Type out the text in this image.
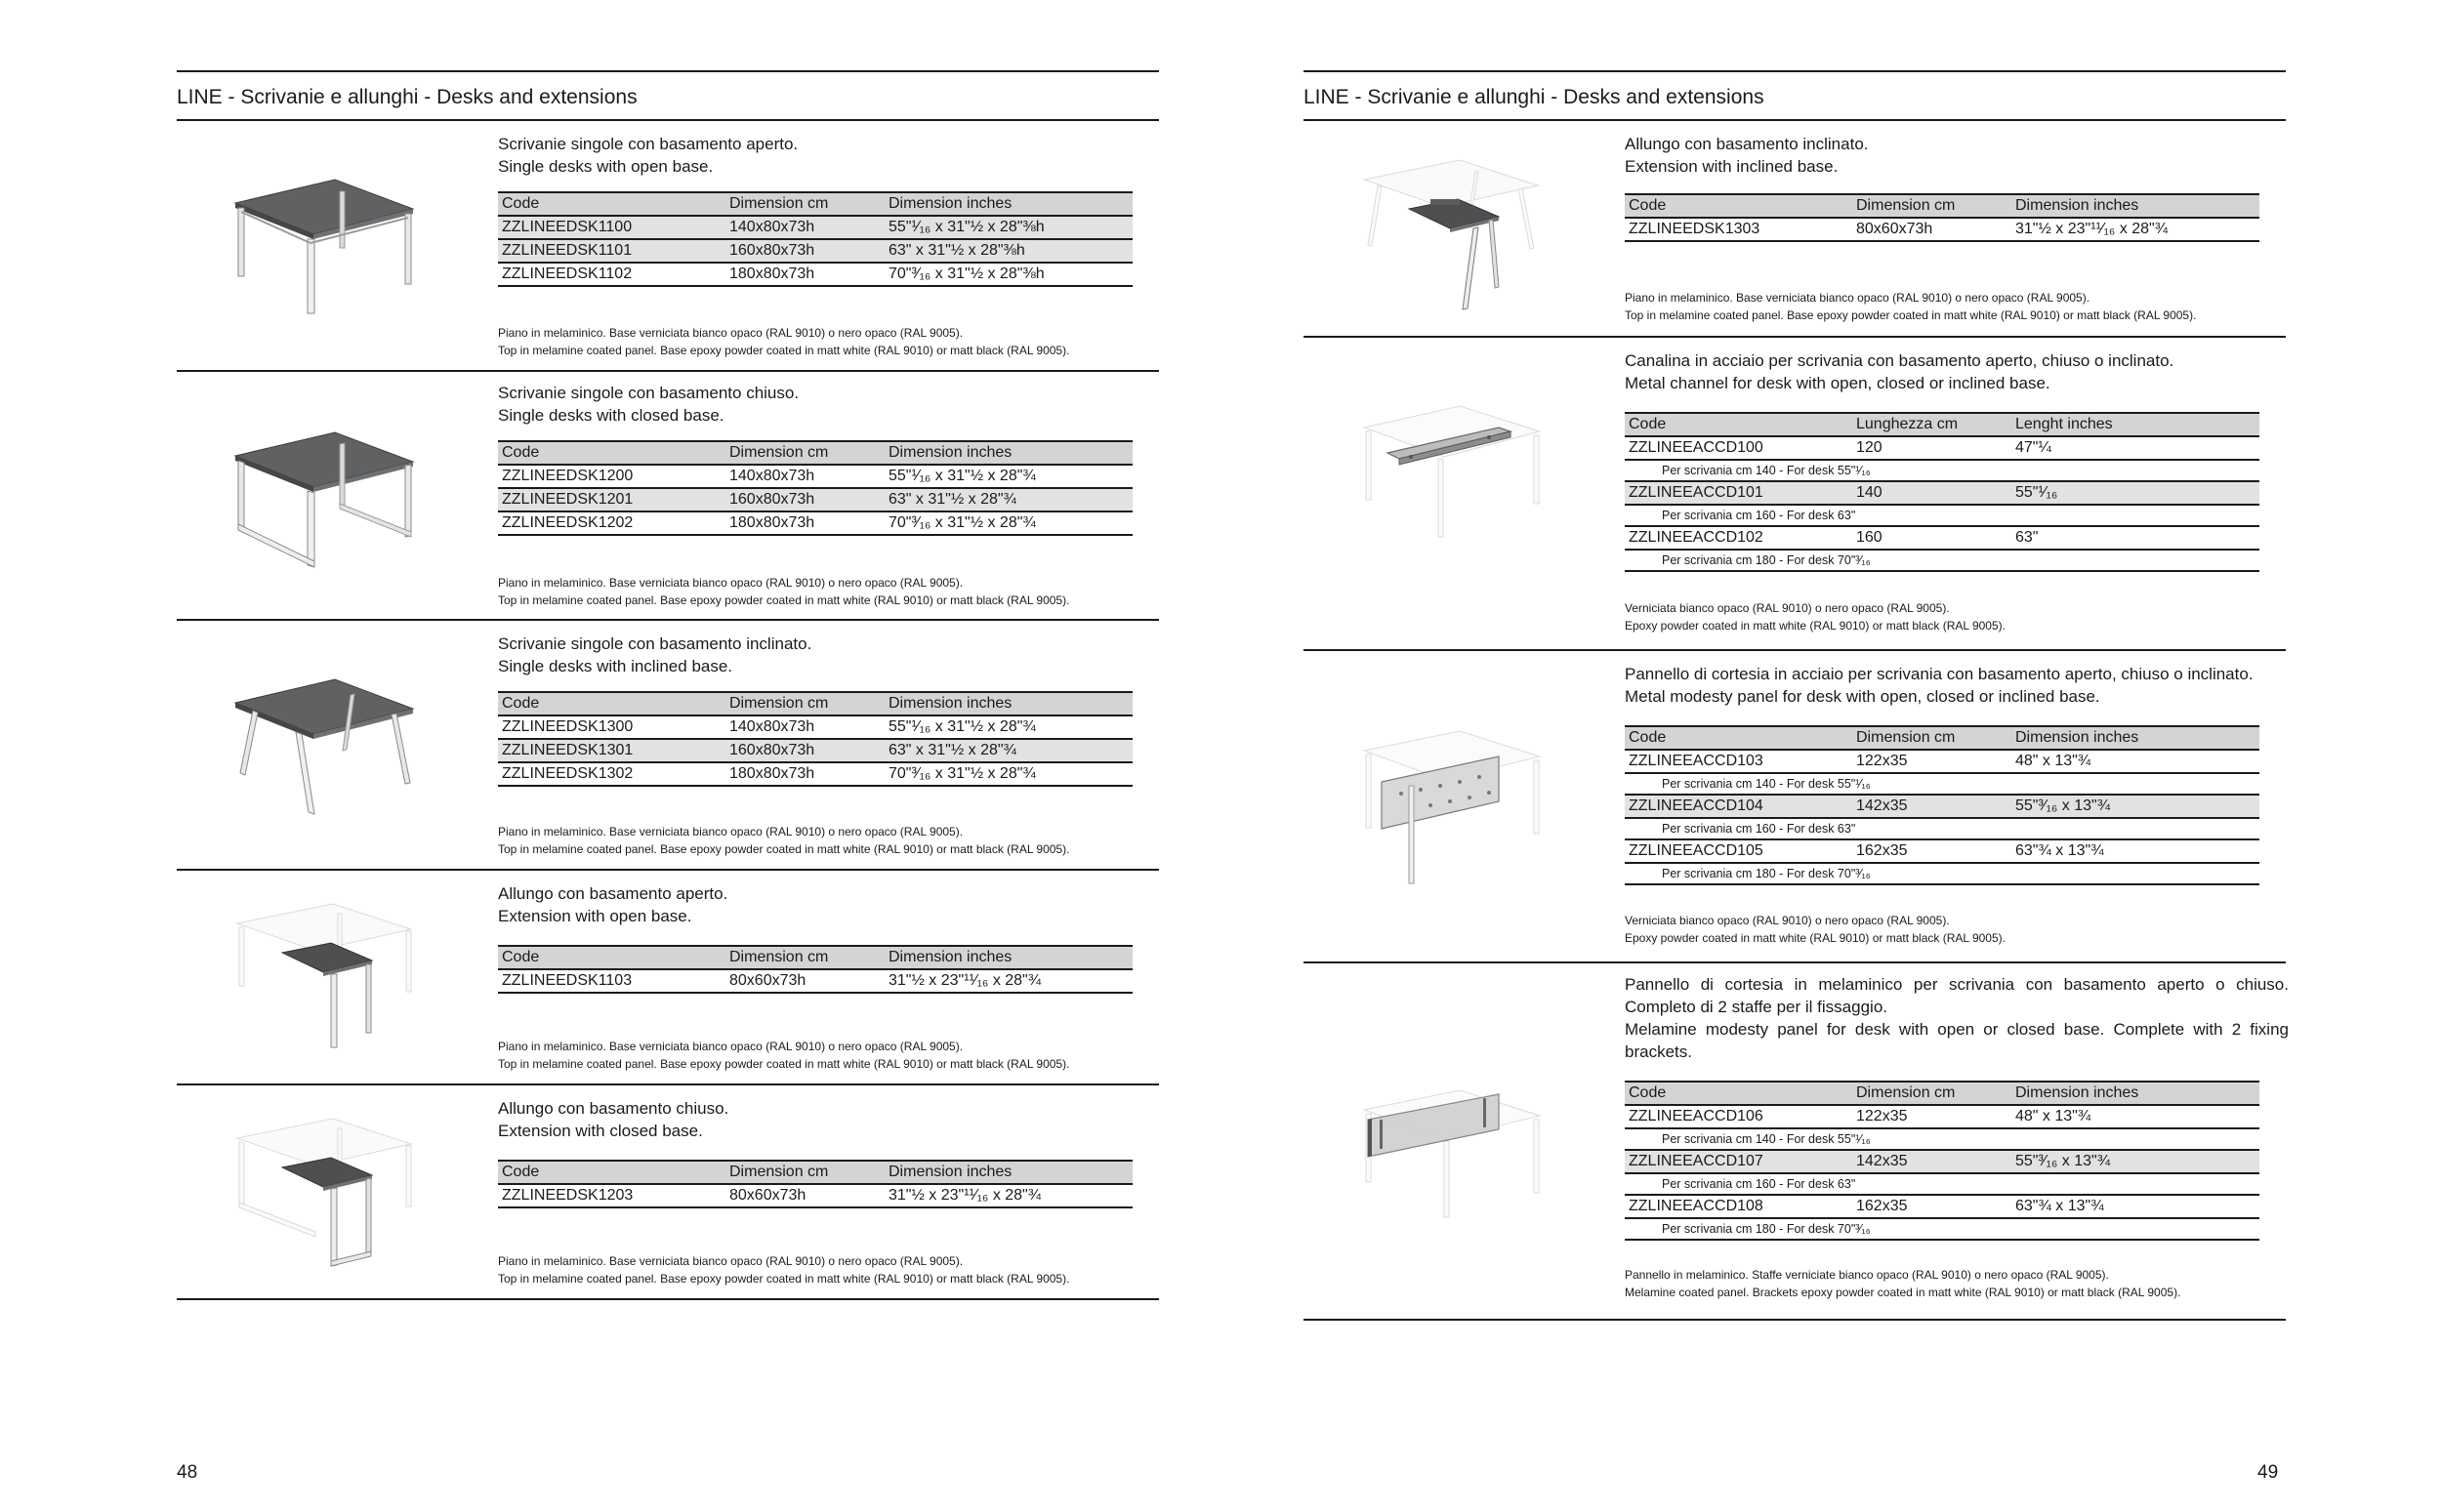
LINE - Scrivanie e allunghi - Desks and extensions

Scrivanie singole con basamento aperto.

Single desks with open base.

Code	Dimension cm	Dimension inches
ZZLINEEDSK1100	140x80x73h	55"¹⁄₁₆ x 31"½ x 28"⅜h
ZZLINEEDSK1101	160x80x73h	63" x 31"½ x 28"⅜h
ZZLINEEDSK1102	180x80x73h	70"³⁄₁₆ x 31"½ x 28"⅜h

Piano in melaminico. Base verniciata bianco opaco (RAL 9010) o nero opaco (RAL 9005).

Top in melamine coated panel. Base epoxy powder coated in matt white (RAL 9010) or matt black (RAL 9005).

Scrivanie singole con basamento chiuso.

Single desks with closed base.

Code	Dimension cm	Dimension inches
ZZLINEEDSK1200	140x80x73h	55"¹⁄₁₆ x 31"½ x 28"¾
ZZLINEEDSK1201	160x80x73h	63" x 31"½ x 28"¾
ZZLINEEDSK1202	180x80x73h	70"³⁄₁₆ x 31"½ x 28"¾

Piano in melaminico. Base verniciata bianco opaco (RAL 9010) o nero opaco (RAL 9005).

Top in melamine coated panel. Base epoxy powder coated in matt white (RAL 9010) or matt black (RAL 9005).

Scrivanie singole con basamento inclinato.

Single desks with inclined base.

Code	Dimension cm	Dimension inches
ZZLINEEDSK1300	140x80x73h	55"¹⁄₁₆ x 31"½ x 28"¾
ZZLINEEDSK1301	160x80x73h	63" x 31"½ x 28"¾
ZZLINEEDSK1302	180x80x73h	70"³⁄₁₆ x 31"½ x 28"¾

Piano in melaminico. Base verniciata bianco opaco (RAL 9010) o nero opaco (RAL 9005).

Top in melamine coated panel. Base epoxy powder coated in matt white (RAL 9010) or matt black (RAL 9005).

Allungo con basamento aperto.

Extension with open base.

Code	Dimension cm	Dimension inches
ZZLINEEDSK1103	80x60x73h	31"½ x 23"¹¹⁄₁₆ x 28"¾

Piano in melaminico. Base verniciata bianco opaco (RAL 9010) o nero opaco (RAL 9005).

Top in melamine coated panel. Base epoxy powder coated in matt white (RAL 9010) or matt black (RAL 9005).

Allungo con basamento chiuso.

Extension with closed base.

Code	Dimension cm	Dimension inches
ZZLINEEDSK1203	80x60x73h	31"½ x 23"¹¹⁄₁₆ x 28"¾

Piano in melaminico. Base verniciata bianco opaco (RAL 9010) o nero opaco (RAL 9005).

Top in melamine coated panel. Base epoxy powder coated in matt white (RAL 9010) or matt black (RAL 9005).

48
LINE - Scrivanie e allunghi - Desks and extensions

Allungo con basamento inclinato.

Extension with inclined base.

Code	Dimension cm	Dimension inches
ZZLINEEDSK1303	80x60x73h	31"½ x 23"¹¹⁄₁₆ x 28"¾

Piano in melaminico. Base verniciata bianco opaco (RAL 9010) o nero opaco (RAL 9005).

Top in melamine coated panel. Base epoxy powder coated in matt white (RAL 9010) or matt black (RAL 9005).

Canalina in acciaio per scrivania con basamento aperto, chiuso o inclinato.

Metal channel for desk with open, closed or inclined base.

Code	Lunghezza cm	Lenght inches
ZZLINEEACCD100	120	47"¼
Per scrivania cm 140 - For desk 55"¹⁄₁₆		
ZZLINEEACCD101	140	55"¹⁄₁₆
Per scrivania cm 160 - For desk 63"		
ZZLINEEACCD102	160	63"
Per scrivania cm 180 - For desk 70"³⁄₁₆		

Verniciata bianco opaco (RAL 9010) o nero opaco (RAL 9005).

Epoxy powder coated in matt white (RAL 9010) or matt black (RAL 9005).

Pannello di cortesia in acciaio per scrivania con basamento aperto, chiuso o inclinato.

Metal modesty panel for desk with open, closed or inclined base.

Code	Dimension cm	Dimension inches
ZZLINEEACCD103	122x35	48" x 13"¾
Per scrivania cm 140 - For desk 55"¹⁄₁₆		
ZZLINEEACCD104	142x35	55"³⁄₁₆ x 13"¾
Per scrivania cm 160 - For desk 63"		
ZZLINEEACCD105	162x35	63"¾ x 13"¾
Per scrivania cm 180 - For desk 70"³⁄₁₆		

Verniciata bianco opaco (RAL 9010) o nero opaco (RAL 9005).

Epoxy powder coated in matt white (RAL 9010) or matt black (RAL 9005).

Pannello di cortesia in melaminico per scrivania con basamento aperto o chiuso. Completo di 2 staffe per il fissaggio.

Melamine modesty panel for desk with open or closed base. Complete with 2 fixing brackets.

Code	Dimension cm	Dimension inches
ZZLINEEACCD106	122x35	48" x 13"¾
Per scrivania cm 140 - For desk 55"¹⁄₁₆		
ZZLINEEACCD107	142x35	55"³⁄₁₆ x 13"¾
Per scrivania cm 160 - For desk 63"		
ZZLINEEACCD108	162x35	63"¾ x 13"¾
Per scrivania cm 180 - For desk 70"³⁄₁₆		

Pannello in melaminico. Staffe verniciate bianco opaco (RAL 9010) o nero opaco (RAL 9005).

Melamine coated panel. Brackets epoxy powder coated in matt white (RAL 9010) or matt black (RAL 9005).

49
